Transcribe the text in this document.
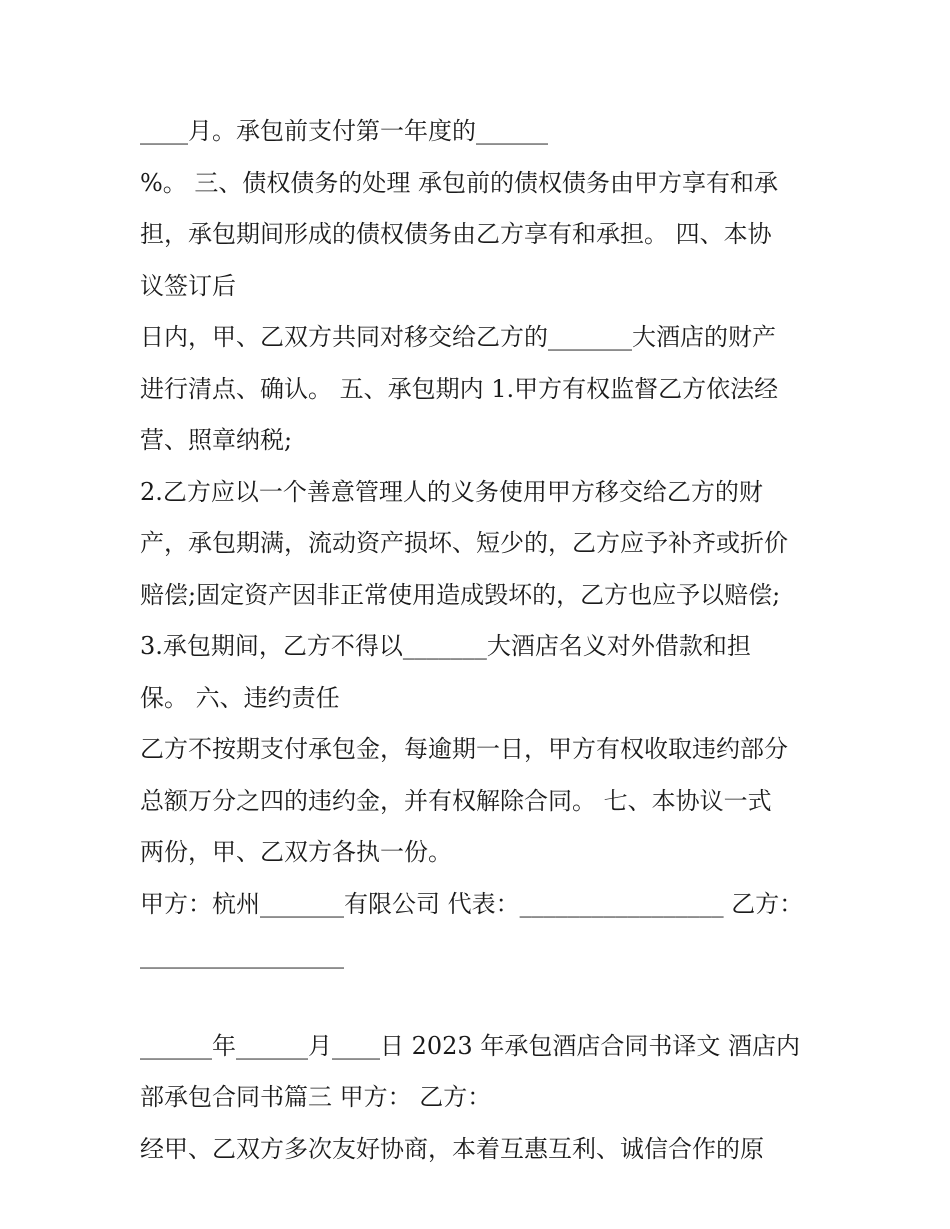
____月。承包前支付第一年度的______
%。 三、债权债务的处理 承包前的债权债务由甲方享有和承
担，承包期间形成的债权债务由乙方享有和承担。 四、本协
议签订后
日内，甲、乙双方共同对移交给乙方的_______大酒店的财产
进行清点、确认。 五、承包期内 1.甲方有权监督乙方依法经
营、照章纳税;
2.乙方应以一个善意管理人的义务使用甲方移交给乙方的财
产，承包期满，流动资产损坏、短少的，乙方应予补齐或折价
赔偿;固定资产因非正常使用造成毁坏的，乙方也应予以赔偿;
3.承包期间，乙方不得以_______大酒店名义对外借款和担
保。 六、违约责任
乙方不按期支付承包金，每逾期一日，甲方有权收取违约部分
总额万分之四的违约金，并有权解除合同。 七、本协议一式
两份，甲、乙双方各执一份。
甲方：杭州_______有限公司 代表：_________________ 乙方：
_________________
______年______月____日 2023 年承包酒店合同书译文 酒店内
部承包合同书篇三 甲方： 乙方：
经甲、乙双方多次友好协商，本着互惠互利、诚信合作的原
